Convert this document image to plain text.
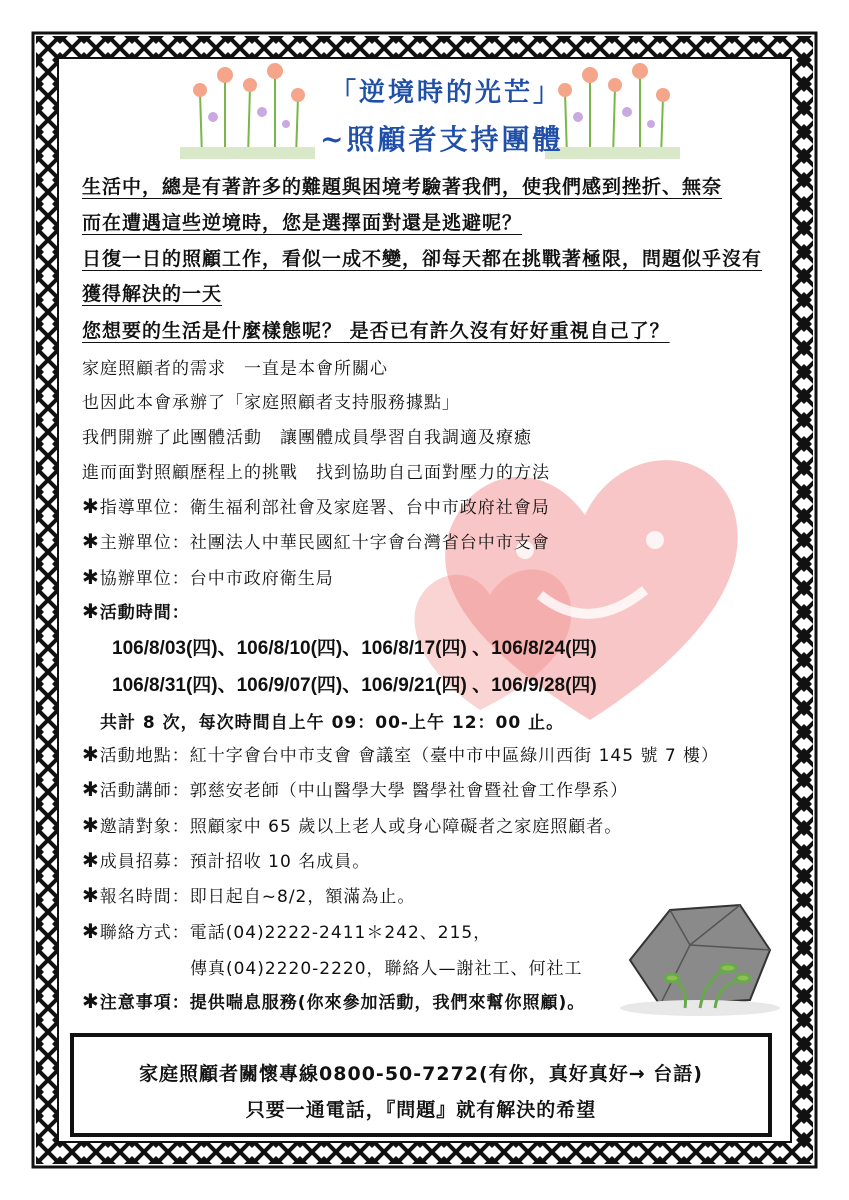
「逆境時的光芒」
~照顧者支持團體
生活中，總是有著許多的難題與困境考驗著我們，使我們感到挫折、無奈
而在遭遇這些逆境時，您是選擇面對還是逃避呢？
日復一日的照顧工作，看似一成不變，卻每天都在挑戰著極限，問題似乎沒有
獲得解決的一天
您想要的生活是什麼樣態呢？ 是否已有許久沒有好好重視自己了？
家庭照顧者的需求　一直是本會所關心
也因此本會承辦了「家庭照顧者支持服務據點」
我們開辦了此團體活動　讓團體成員學習自我調適及療癒
進而面對照顧歷程上的挑戰　找到協助自己面對壓力的方法
✱指導單位：衛生福利部社會及家庭署、台中市政府社會局
✱主辦單位：社團法人中華民國紅十字會台灣省台中市支會
✱協辦單位：台中市政府衛生局
✱活動時間：
106/8/03(四)、106/8/10(四)、106/8/17(四) 、106/8/24(四)
106/8/31(四)、106/9/07(四)、106/9/21(四) 、106/9/28(四)
共計 8 次，每次時間自上午 09：00-上午 12：00 止。
✱活動地點：紅十字會台中市支會 會議室（臺中市中區綠川西街 145 號 7 樓）
✱活動講師：郭慈安老師（中山醫學大學 醫學社會暨社會工作學系）
✱邀請對象：照顧家中 65 歲以上老人或身心障礙者之家庭照顧者。
✱成員招募：預計招收 10 名成員。
✱報名時間：即日起自~8/2，額滿為止。
✱聯絡方式：電話(04)2222-2411＊242、215，
傳真(04)2220-2220，聯絡人—謝社工、何社工
✱注意事項：提供喘息服務(你來參加活動，我們來幫你照顧)。
家庭照顧者關懷專線0800-50-7272(有你，真好真好→ 台語)
只要一通電話，『問題』就有解決的希望
